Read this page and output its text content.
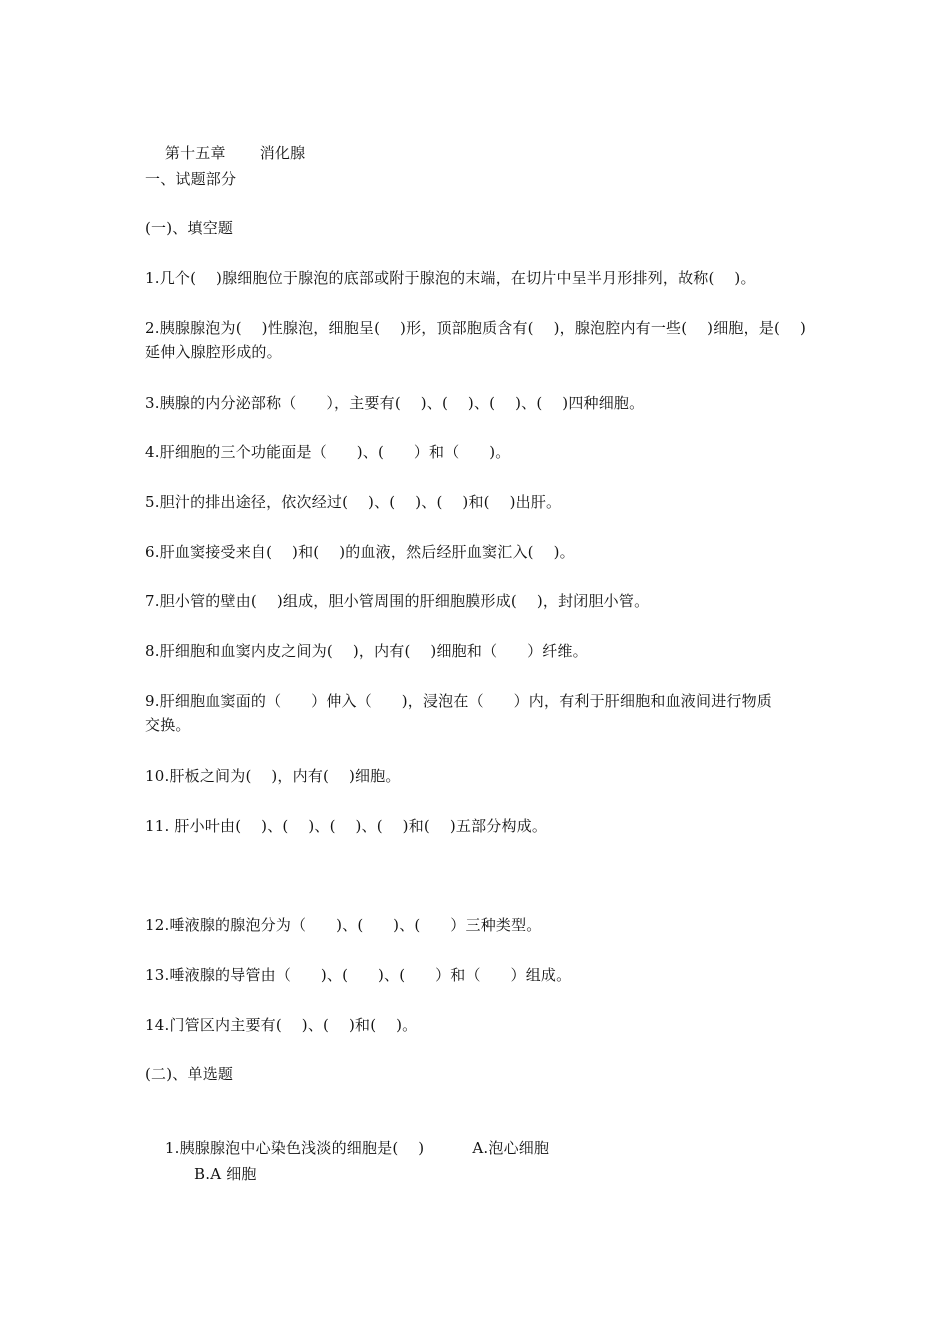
第十五章 消化腺

一、试题部分
(一)、填空题
1.几个(    )腺细胞位于腺泡的底部或附于腺泡的末端，在切片中呈半月形排列，故称(    )。
2.胰腺腺泡为(    )性腺泡，细胞呈(    )形，顶部胞质含有(    )，腺泡腔内有一些(    )细胞，是(    )
延伸入腺腔形成的。
3.胰腺的内分泌部称（      ），主要有(    )、(    )、(    )、(    )四种细胞。
4.肝细胞的三个功能面是（      )、(      ）和（      )。
5.胆汁的排出途径，依次经过(    )、(    )、(    )和(    )出肝。
6.肝血窦接受来自(    )和(    )的血液，然后经肝血窦汇入(    )。
7.胆小管的壁由(    )组成，胆小管周围的肝细胞膜形成(    )，封闭胆小管。
8.肝细胞和血窦内皮之间为(    )，内有(    )细胞和（      ）纤维。
9.肝细胞血窦面的（      ）伸入（      )，浸泡在（      ）内，有利于肝细胞和血液间进行物质
交换。
10.肝板之间为(    )，内有(    )细胞。
11. 肝小叶由(    )、(    )、(    )、(    )和(    )五部分构成。
12.唾液腺的腺泡分为（      )、(      )、(      ）三种类型。
13.唾液腺的导管由（      )、(      )、(      ）和（      ）组成。
14.门管区内主要有(    )、(    )和(    )。
(二)、单选题

1.胰腺腺泡中心染色浅淡的细胞是(    )	A.泡心细胞

B.A 细胞
